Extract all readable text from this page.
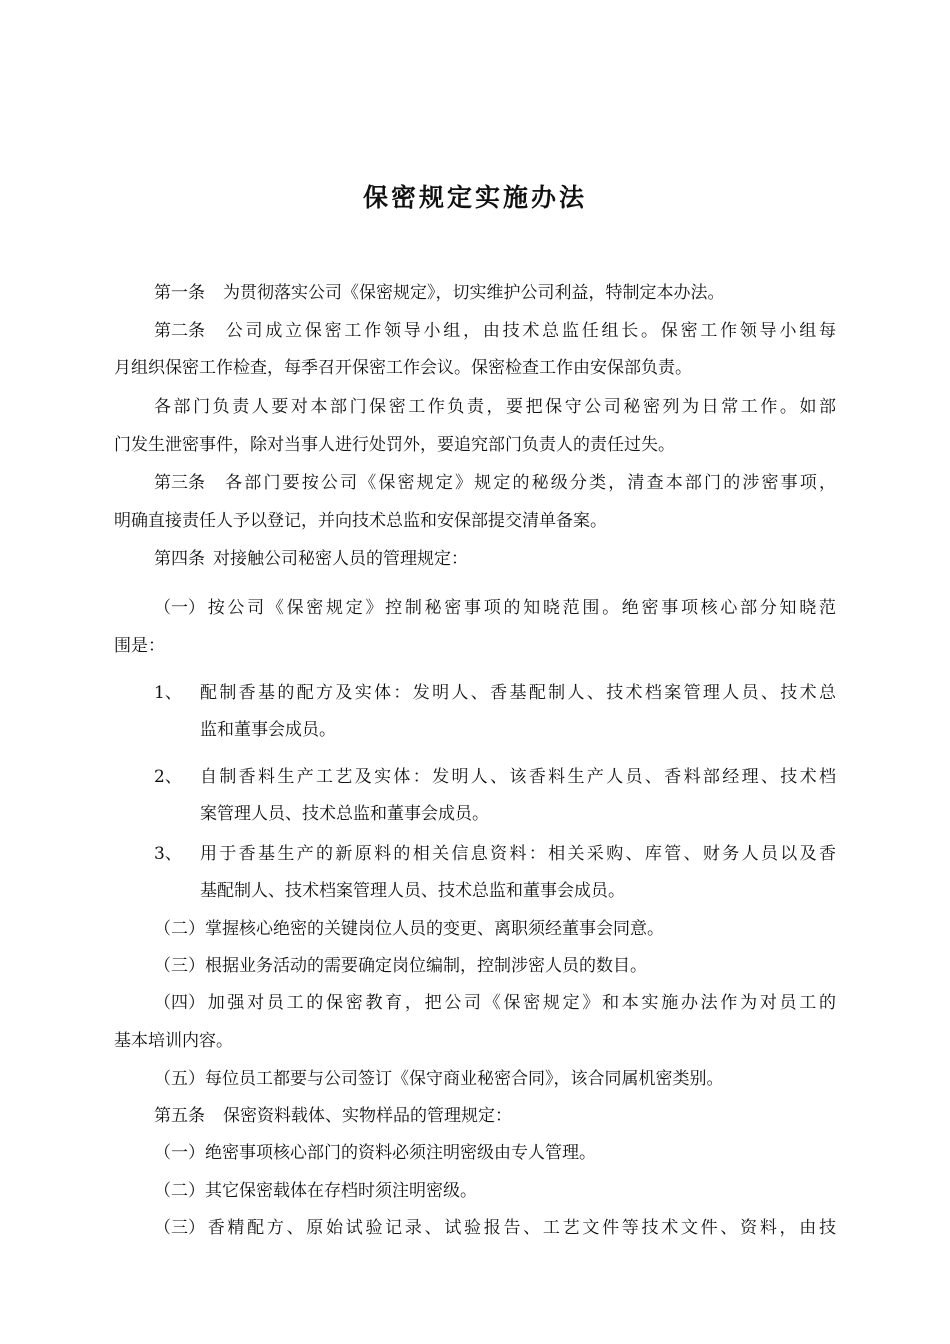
保密规定实施办法
第一条 为贯彻落实公司《保密规定》，切实维护公司利益，特制定本办法。
第二条 公司成立保密工作领导小组，由技术总监任组长。保密工作领导小组每
月组织保密工作检查，每季召开保密工作会议。保密检查工作由安保部负责。
各部门负责人要对本部门保密工作负责，要把保守公司秘密列为日常工作。如部
门发生泄密事件，除对当事人进行处罚外，要追究部门负责人的责任过失。
第三条 各部门要按公司《保密规定》规定的秘级分类，清查本部门的涉密事项，
明确直接责任人予以登记，并向技术总监和安保部提交清单备案。
第四条 对接触公司秘密人员的管理规定：
（一）按公司《保密规定》控制秘密事项的知晓范围。绝密事项核心部分知晓范
围是：
1、 配制香基的配方及实体：发明人、香基配制人、技术档案管理人员、技术总
监和董事会成员。
2、 自制香料生产工艺及实体：发明人、该香料生产人员、香料部经理、技术档
案管理人员、技术总监和董事会成员。
3、 用于香基生产的新原料的相关信息资料：相关采购、库管、财务人员以及香
基配制人、技术档案管理人员、技术总监和董事会成员。
（二）掌握核心绝密的关键岗位人员的变更、离职须经董事会同意。
（三）根据业务活动的需要确定岗位编制，控制涉密人员的数目。
（四）加强对员工的保密教育，把公司《保密规定》和本实施办法作为对员工的
基本培训内容。
（五）每位员工都要与公司签订《保守商业秘密合同》，该合同属机密类别。
第五条 保密资料载体、实物样品的管理规定：
（一）绝密事项核心部门的资料必须注明密级由专人管理。
（二）其它保密载体在存档时须注明密级。
（三）香精配方、原始试验记录、试验报告、工艺文件等技术文件、资料，由技
